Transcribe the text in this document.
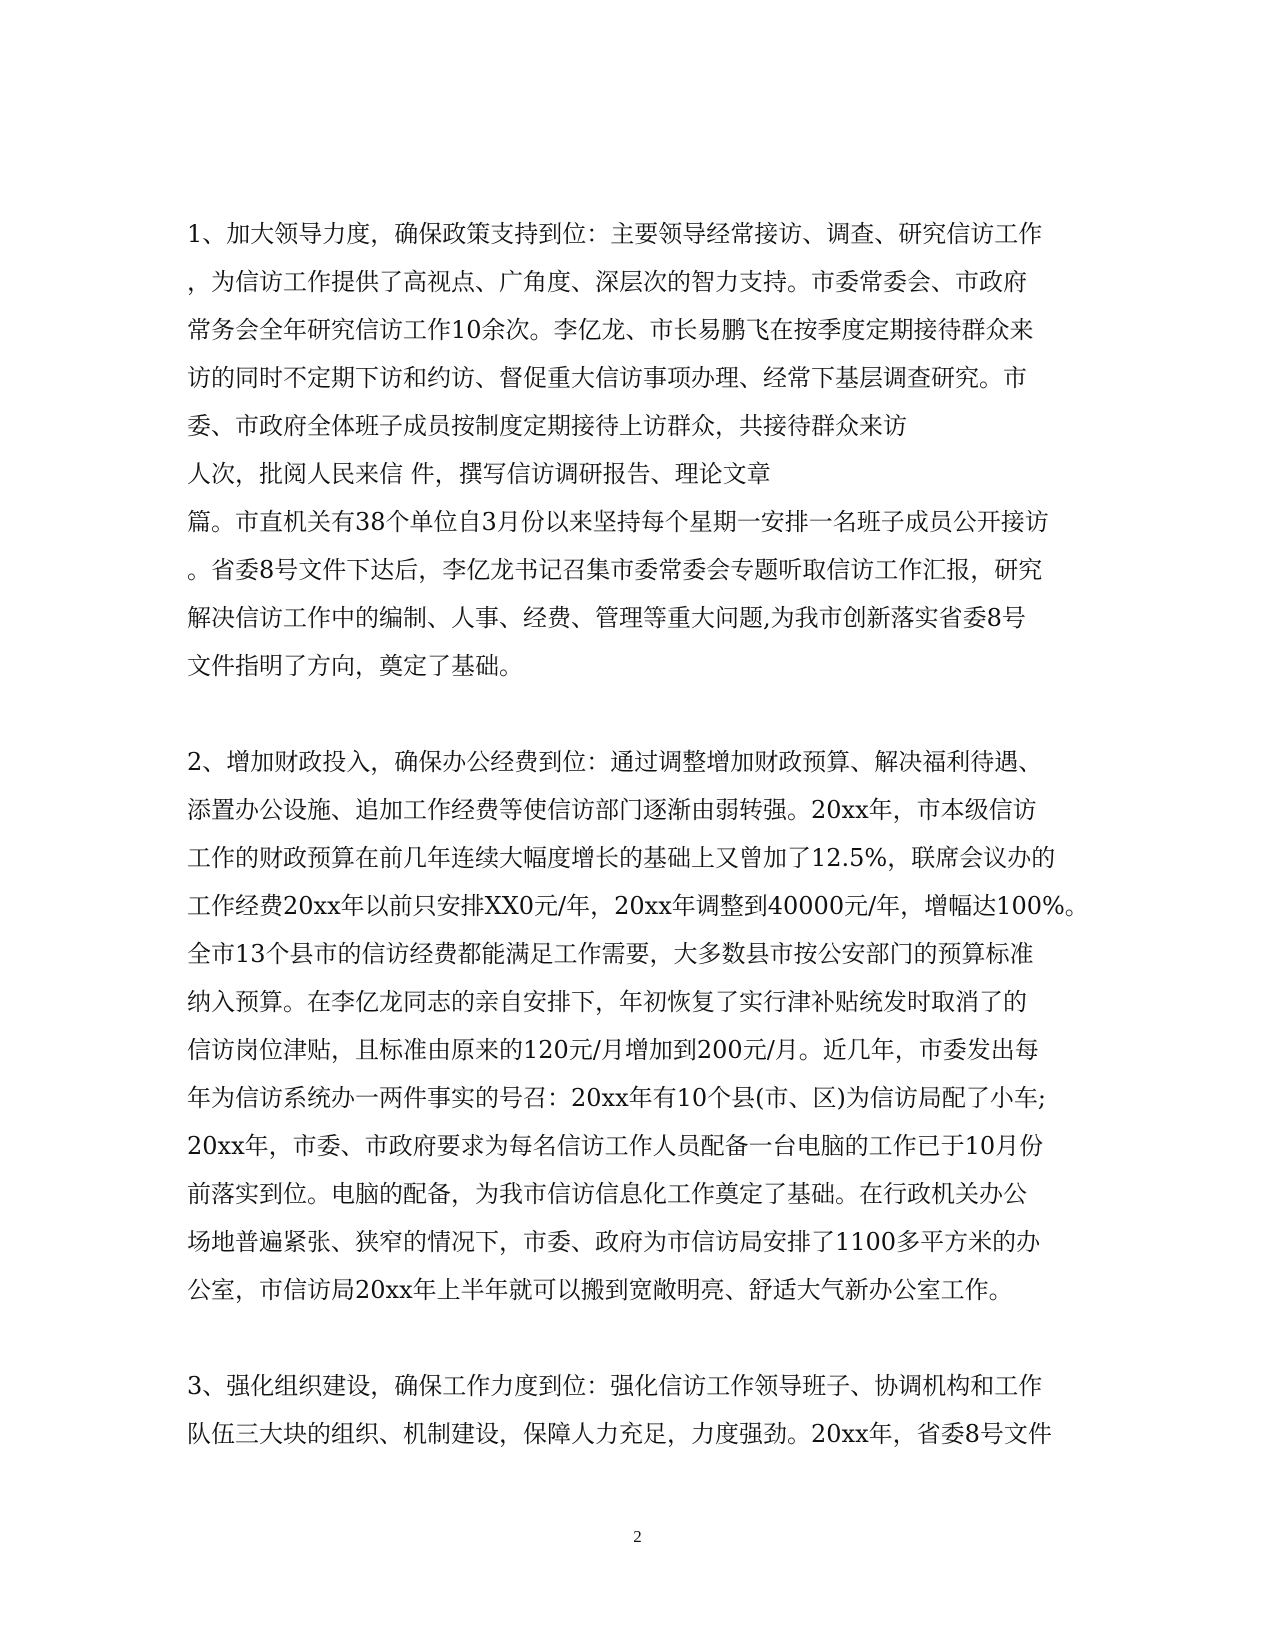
1、加大领导力度，确保政策支持到位：主要领导经常接访、调查、研究信访工作
，为信访工作提供了高视点、广角度、深层次的智力支持。市委常委会、市政府
常务会全年研究信访工作10余次。李亿龙、市长易鹏飞在按季度定期接待群众来
访的同时不定期下访和约访、督促重大信访事项办理、经常下基层调查研究。市
委、市政府全体班子成员按制度定期接待上访群众，共接待群众来访
人次，批阅人民来信 件，撰写信访调研报告、理论文章
篇。市直机关有38个单位自3月份以来坚持每个星期一安排一名班子成员公开接访
。省委8号文件下达后，李亿龙书记召集市委常委会专题听取信访工作汇报，研究
解决信访工作中的编制、人事、经费、管理等重大问题,为我市创新落实省委8号
文件指明了方向，奠定了基础。
2、增加财政投入，确保办公经费到位：通过调整增加财政预算、解决福利待遇、
添置办公设施、追加工作经费等使信访部门逐渐由弱转强。20xx年，市本级信访
工作的财政预算在前几年连续大幅度增长的基础上又曾加了12.5%，联席会议办的
工作经费20xx年以前只安排XX0元/年，20xx年调整到40000元/年，增幅达100%。
全市13个县市的信访经费都能满足工作需要，大多数县市按公安部门的预算标准
纳入预算。在李亿龙同志的亲自安排下，年初恢复了实行津补贴统发时取消了的
信访岗位津贴，且标准由原来的120元/月增加到200元/月。近几年，市委发出每
年为信访系统办一两件事实的号召：20xx年有10个县(市、区)为信访局配了小车;
20xx年，市委、市政府要求为每名信访工作人员配备一台电脑的工作已于10月份
前落实到位。电脑的配备，为我市信访信息化工作奠定了基础。在行政机关办公
场地普遍紧张、狭窄的情况下，市委、政府为市信访局安排了1100多平方米的办
公室，市信访局20xx年上半年就可以搬到宽敞明亮、舒适大气新办公室工作。
3、强化组织建设，确保工作力度到位：强化信访工作领导班子、协调机构和工作
队伍三大块的组织、机制建设，保障人力充足，力度强劲。20xx年，省委8号文件
2
